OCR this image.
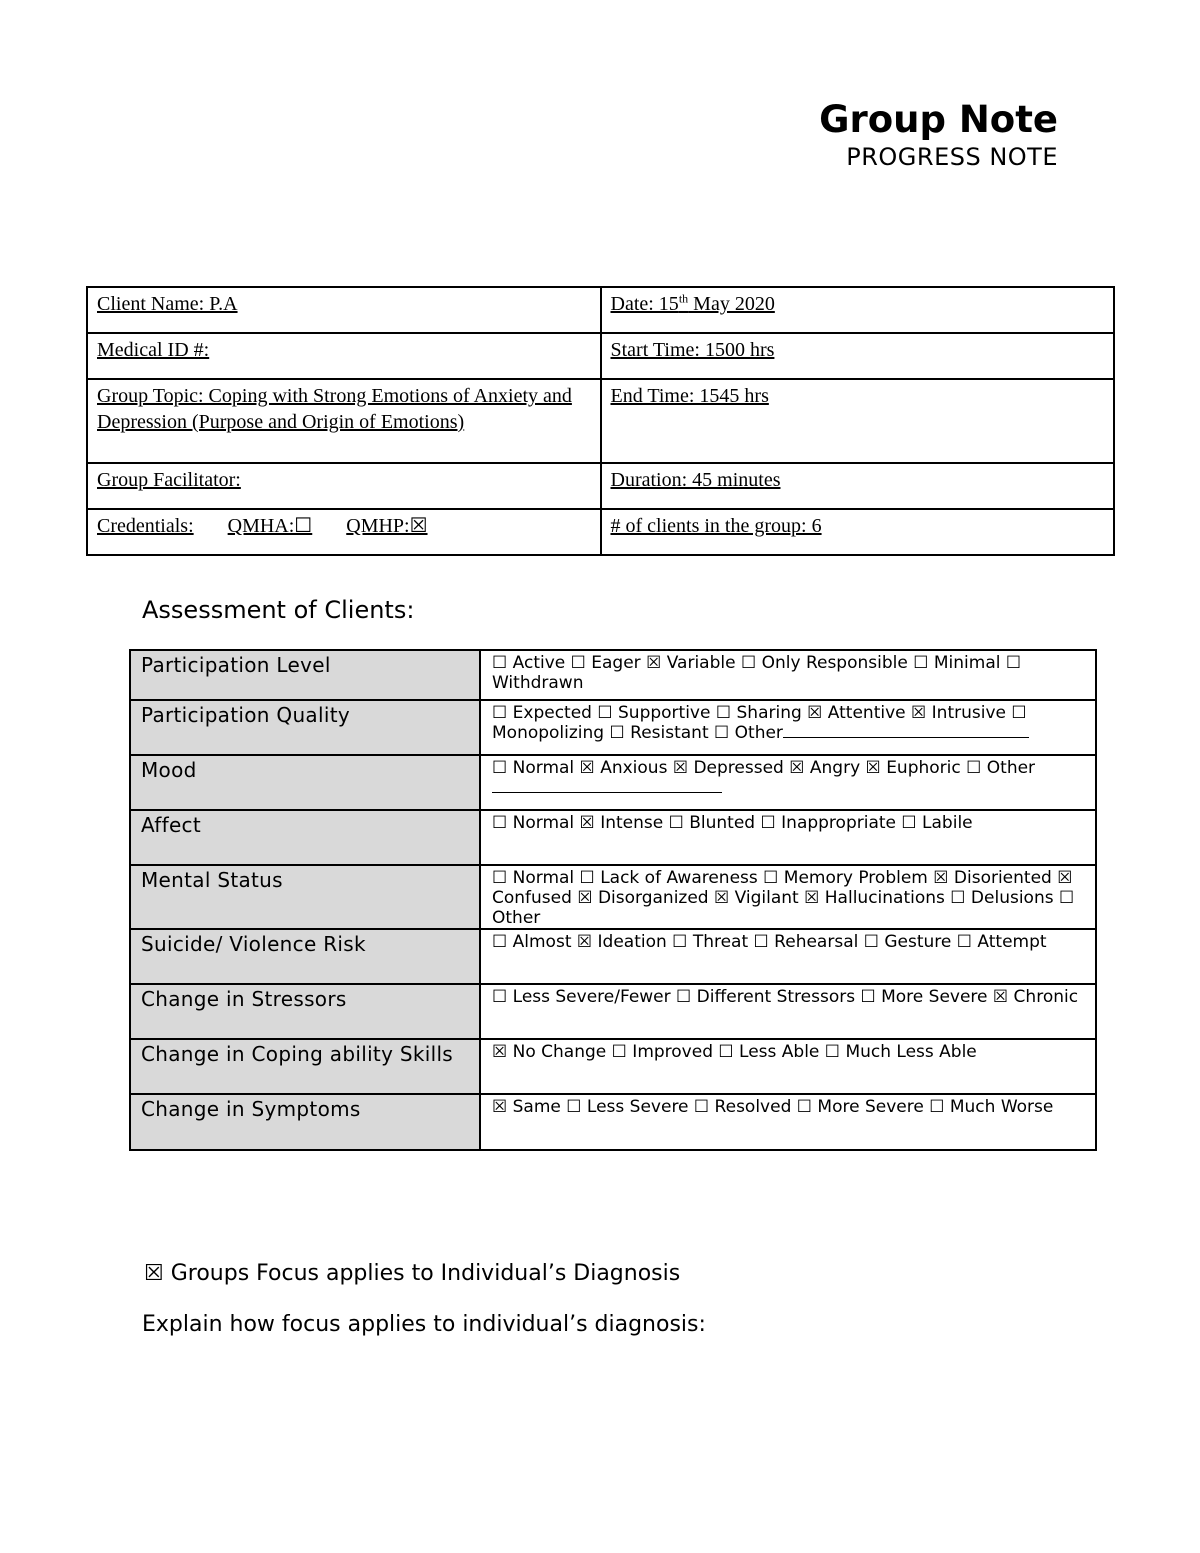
Group Note
PROGRESS NOTE
Client Name: P.A	Date: 15th May 2020
Medical ID #:	Start Time: 1500 hrs
Group Topic: Coping with Strong Emotions of Anxiety and Depression (Purpose and Origin of Emotions)	End Time: 1545 hrs
Group Facilitator:	Duration: 45 minutes
Credentials: QMHA:☐ QMHP:☒	# of clients in the group: 6
Assessment of Clients:
Participation Level	☐ Active ☐ Eager ☒ Variable ☐ Only Responsible ☐ Minimal ☐ Withdrawn
Participation Quality	☐ Expected ☐ Supportive ☐ Sharing ☒ Attentive ☒ Intrusive ☐ Monopolizing ☐ Resistant ☐ Other
Mood	☐ Normal ☒ Anxious ☒ Depressed ☒ Angry ☒ Euphoric ☐ Other
Affect	☐ Normal ☒ Intense ☐ Blunted ☐ Inappropriate ☐ Labile
Mental Status	☐ Normal ☐ Lack of Awareness ☐ Memory Problem ☒ Disoriented ☒ Confused ☒ Disorganized ☒ Vigilant ☒ Hallucinations ☐ Delusions ☐ Other
Suicide/ Violence Risk	☐ Almost ☒ Ideation ☐ Threat ☐ Rehearsal ☐ Gesture ☐ Attempt
Change in Stressors	☐ Less Severe/Fewer ☐ Different Stressors ☐ More Severe ☒ Chronic
Change in Coping ability Skills	☒ No Change ☐ Improved ☐ Less Able ☐ Much Less Able
Change in Symptoms	☒ Same ☐ Less Severe ☐ Resolved ☐ More Severe ☐ Much Worse
☒ Groups Focus applies to Individual’s Diagnosis
Explain how focus applies to individual’s diagnosis:
